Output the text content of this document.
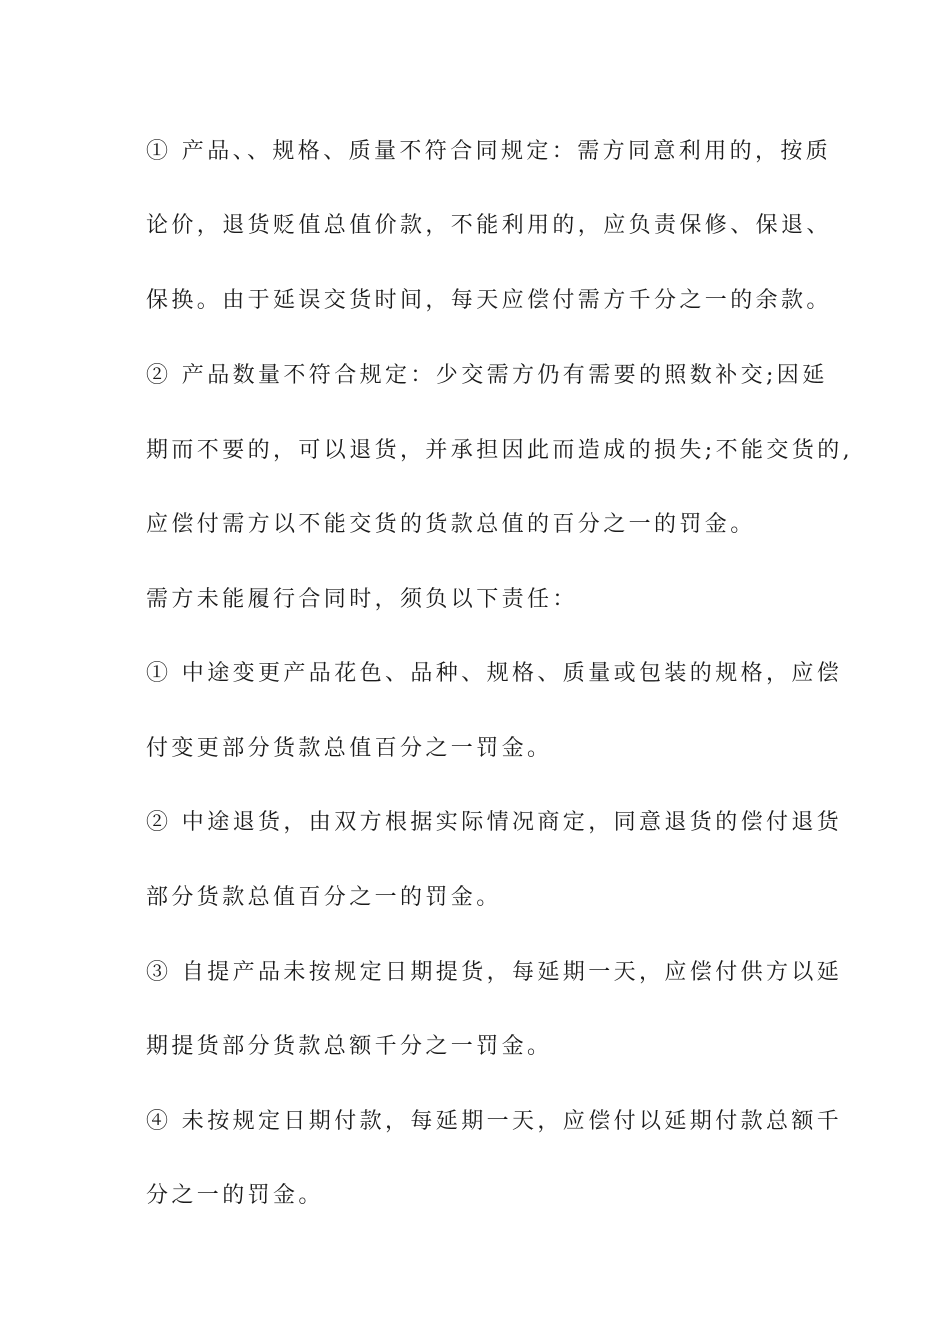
① 产品、、规格、质量不符合同规定：需方同意利用的，按质
论价，退货贬值总值价款，不能利用的，应负责保修、保退、
保换。由于延误交货时间，每天应偿付需方千分之一的余款。
② 产品数量不符合规定：少交需方仍有需要的照数补交;因延
期而不要的，可以退货，并承担因此而造成的损失;不能交货的,
应偿付需方以不能交货的货款总值的百分之一的罚金。
需方未能履行合同时，须负以下责任：
① 中途变更产品花色、品种、规格、质量或包装的规格，应偿
付变更部分货款总值百分之一罚金。
② 中途退货，由双方根据实际情况商定，同意退货的偿付退货
部分货款总值百分之一的罚金。
③ 自提产品未按规定日期提货，每延期一天，应偿付供方以延
期提货部分货款总额千分之一罚金。
④ 未按规定日期付款，每延期一天，应偿付以延期付款总额千
分之一的罚金。
